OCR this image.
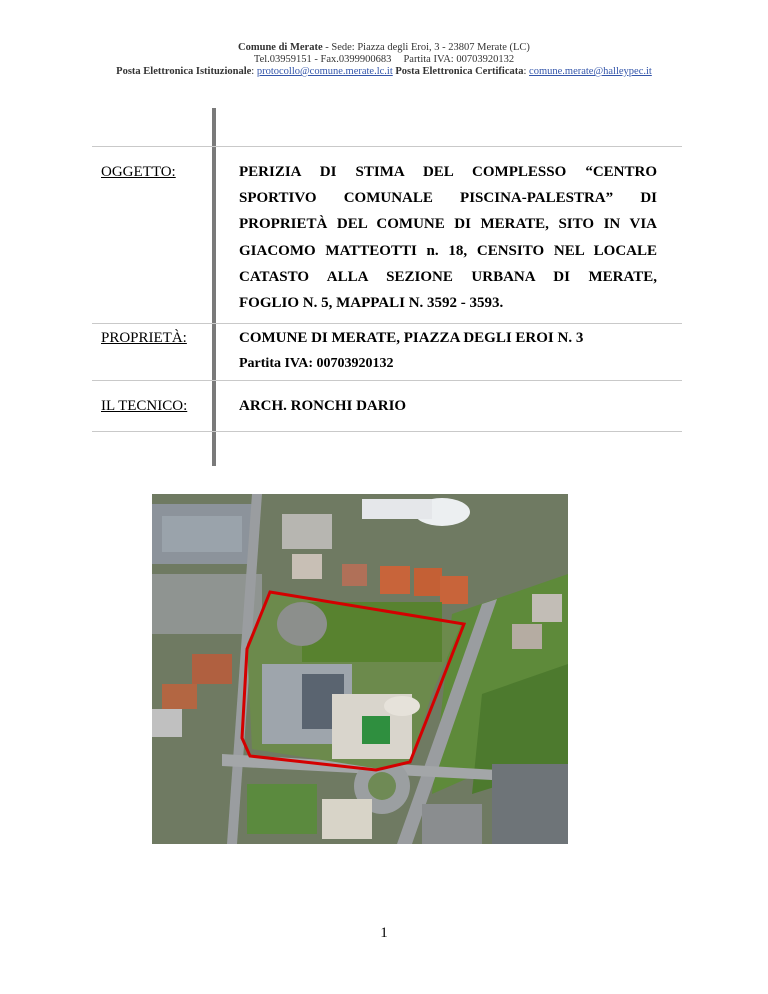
Comune di Merate - Sede: Piazza degli Eroi, 3 - 23807 Merate (LC)
Tel.03959151 - Fax.0399900683 Partita IVA: 00703920132
Posta Elettronica Istituzionale: protocollo@comune.merate.lc.it Posta Elettronica Certificata: comune.merate@halleypec.it
OGGETTO:	PERIZIA DI STIMA DEL COMPLESSO “CENTRO
SPORTIVO COMUNALE PISCINA-PALESTRA” DI
PROPRIETÀ DEL COMUNE DI MERATE, SITO IN VIA
GIACOMO MATTEOTTI n. 18, CENSITO NEL LOCALE
CATASTO ALLA SEZIONE URBANA DI MERATE,
FOGLIO N. 5, MAPPALI N. 3592 - 3593.
PROPRIETÀ:	COMUNE DI MERATE, PIAZZA DEGLI EROI N. 3
Partita IVA: 00703920132
IL TECNICO:	ARCH. RONCHI DARIO
1
